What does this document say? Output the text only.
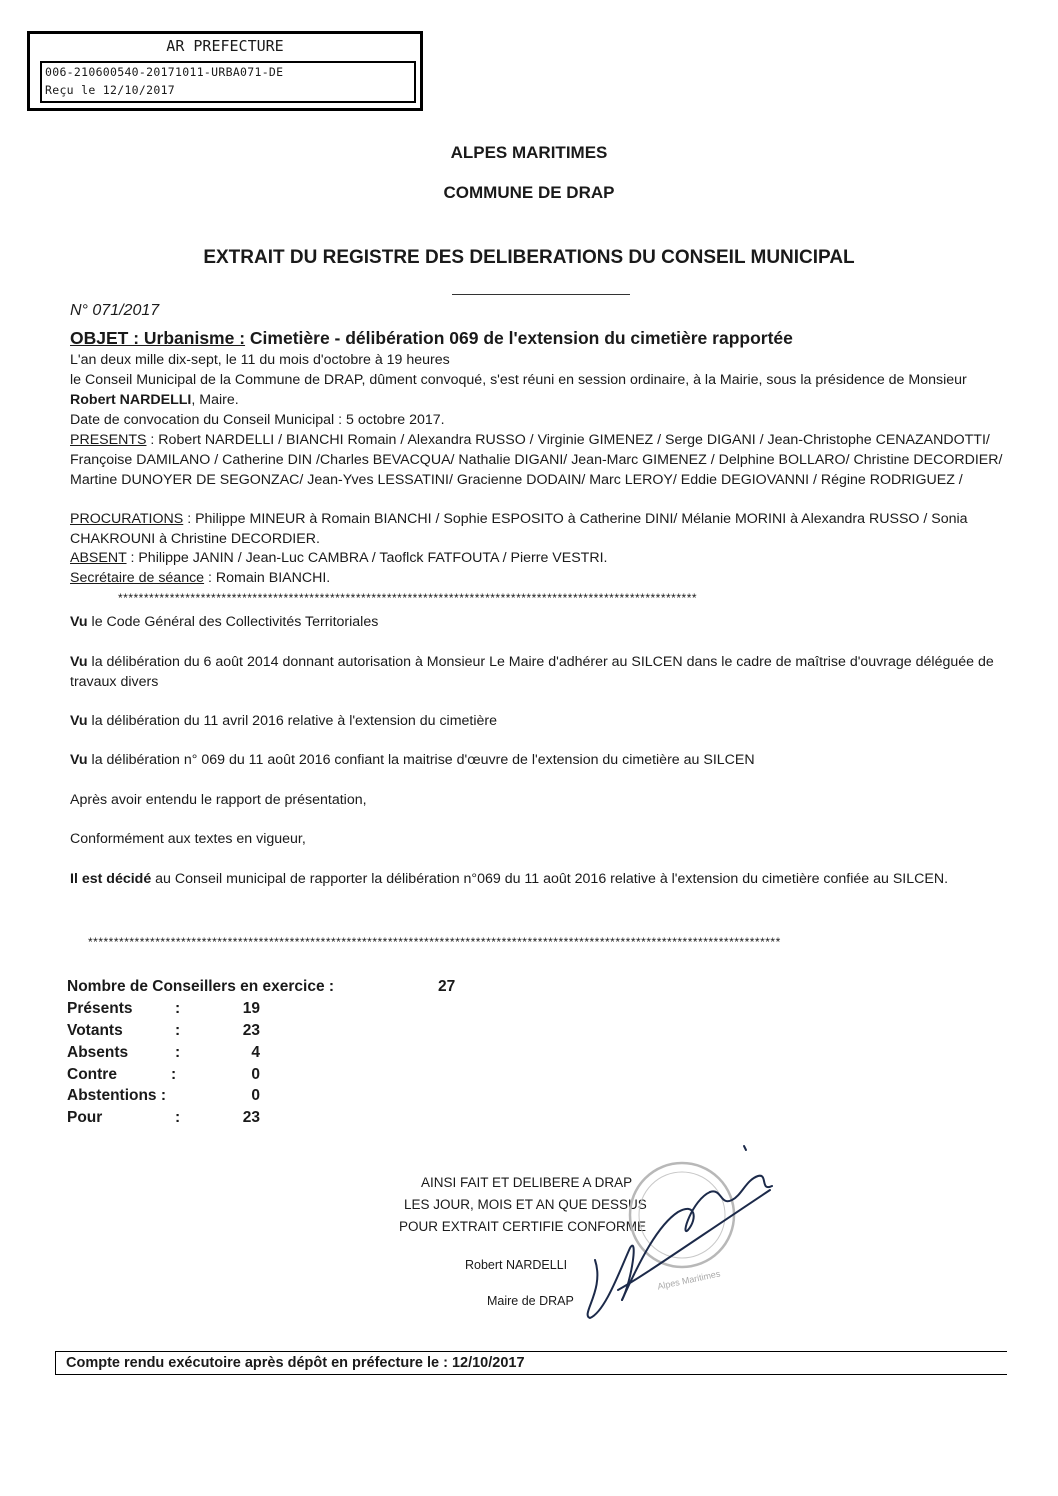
AR PREFECTURE
006-210600540-20171011-URBA071-DE
Reçu le 12/10/2017
ALPES MARITIMES
COMMUNE DE DRAP
EXTRAIT DU REGISTRE DES DELIBERATIONS DU CONSEIL MUNICIPAL
N° 071/2017
OBJET : Urbanisme : Cimetière - délibération 069 de l'extension du cimetière rapportée
L'an deux mille dix-sept, le 11 du mois d'octobre à 19 heures
le Conseil Municipal de la Commune de DRAP, dûment convoqué, s'est réuni en session ordinaire, à la Mairie, sous la présidence de Monsieur Robert NARDELLI, Maire.
Date de convocation du Conseil Municipal : 5 octobre 2017.
PRESENTS : Robert NARDELLI / BIANCHI Romain / Alexandra RUSSO / Virginie GIMENEZ / Serge DIGANI / Jean-Christophe CENAZANDOTTI/ Françoise DAMILANO / Catherine DIN /Charles BEVACQUA/ Nathalie DIGANI/ Jean-Marc GIMENEZ / Delphine BOLLARO/ Christine DECORDIER/ Martine DUNOYER DE SEGONZAC/ Jean-Yves LESSATINI/ Gracienne DODAIN/ Marc LEROY/ Eddie DEGIOVANNI / Régine RODRIGUEZ /
PROCURATIONS : Philippe MINEUR à Romain BIANCHI / Sophie ESPOSITO à Catherine DINI/ Mélanie MORINI à Alexandra RUSSO / Sonia CHAKROUNI à Christine DECORDIER.
ABSENT : Philippe JANIN / Jean-Luc CAMBRA / Taoflck FATFOUTA / Pierre VESTRI.
Secrétaire de séance : Romain BIANCHI.
****************************************************************************************************************
Vu le Code Général des Collectivités Territoriales
Vu la délibération du 6 août 2014 donnant autorisation à Monsieur Le Maire d'adhérer au SILCEN dans le cadre de maîtrise d'ouvrage déléguée de travaux divers
Vu la délibération du 11 avril 2016 relative à l'extension du cimetière
Vu la délibération n° 069 du 11 août 2016 confiant la maitrise d'œuvre de l'extension du cimetière au SILCEN
Après avoir entendu le rapport de présentation,
Conformément aux textes en vigueur,
Il est décidé au Conseil municipal de rapporter la délibération n°069 du 11 août 2016 relative à l'extension du cimetière confiée au SILCEN.
**************************************************************************************************************************************
Nombre de Conseillers en exercice :	27
Présents	:	19
Votants	:	23
Absents	:	4
Contre	:	0
Abstentions :	0
Pour	:	23
AINSI FAIT ET DELIBERE A DRAP
LES JOUR, MOIS ET AN QUE DESSUS
POUR EXTRAIT CERTIFIE CONFORME
Robert NARDELLI
Maire de DRAP
Alpes Maritimes
Compte rendu exécutoire après dépôt en préfecture le : 12/10/2017
